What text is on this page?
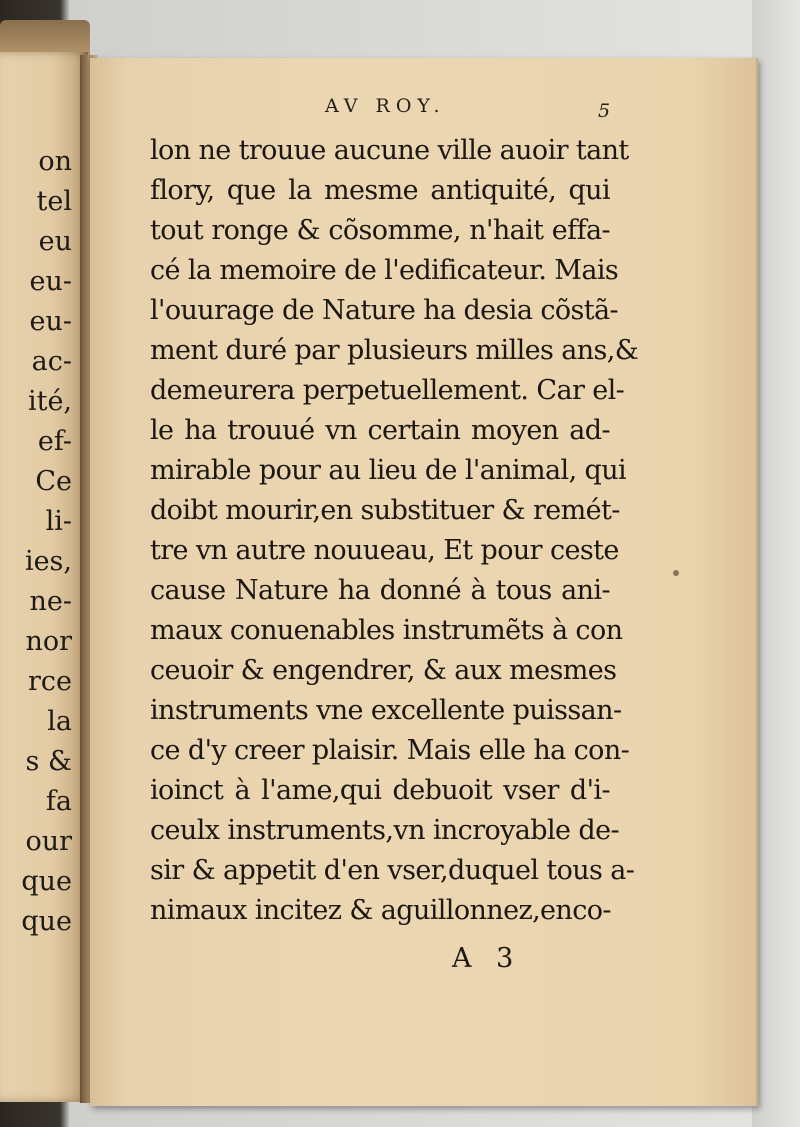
on
tel
eu
eu-
eu-
ac-
ité,
ef-
Ce
li-
ies,
ne-
nor
rce
la
s &
fa
our
que
que
AV ROY.	5
lon ne trouue aucune ville auoir tant
flory, que la mesme antiquité, qui
tout ronge & cõsomme, n'hait effa-
cé la memoire de l'edificateur. Mais
l'ouurage de Nature ha desia cõstã-
ment duré par plusieurs milles ans,&
demeurera perpetuellement. Car el-
le ha trouué vn certain moyen ad-
mirable pour au lieu de l'animal, qui
doibt mourir,en substituer & remét-
tre vn autre nouueau, Et pour ceste
cause Nature ha donné à tous ani-
maux conuenables instrumẽts à con
ceuoir & engendrer, & aux mesmes
instruments vne excellente puissan-
ce d'y creer plaisir. Mais elle ha con-
ioinct à l'ame,qui debuoit vser d'i-
ceulx instruments,vn incroyable de-
sir & appetit d'en vser,duquel tous a-
nimaux incitez & aguillonnez,enco-
A 3
